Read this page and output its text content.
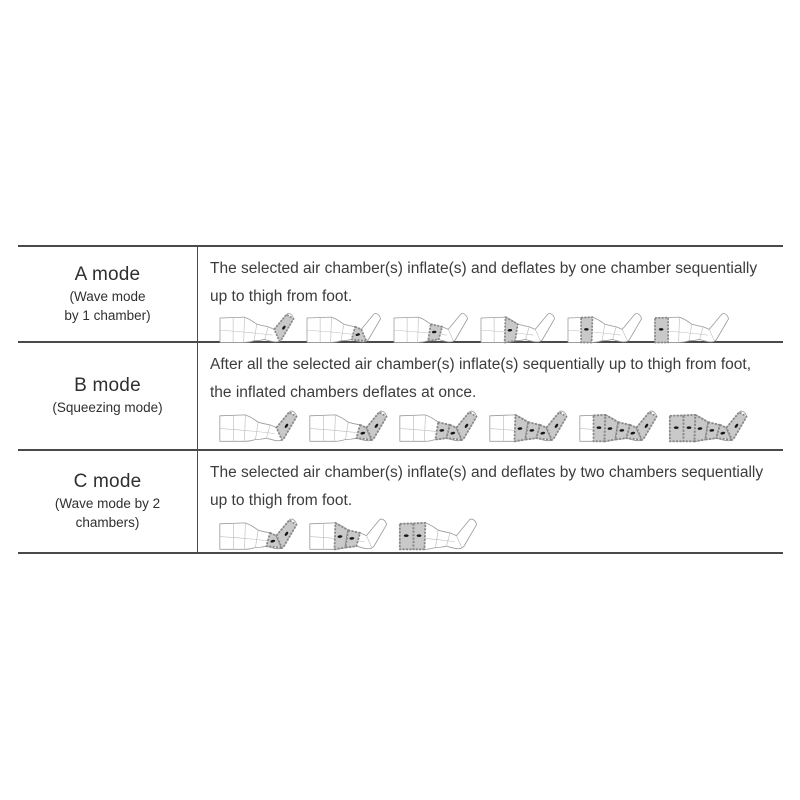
A mode
(Wave mode
by 1 chamber)
The selected air chamber(s) inflate(s) and deflates by one chamber sequentially
up to thigh from foot.
B mode
(Squeezing mode)
After all the selected air chamber(s) inflate(s) sequentially up to thigh from foot,
the inflated chambers deflates at once.
C mode
(Wave mode by 2
chambers)
The selected air chamber(s) inflate(s) and deflates by two chambers sequentially
up to thigh from foot.
